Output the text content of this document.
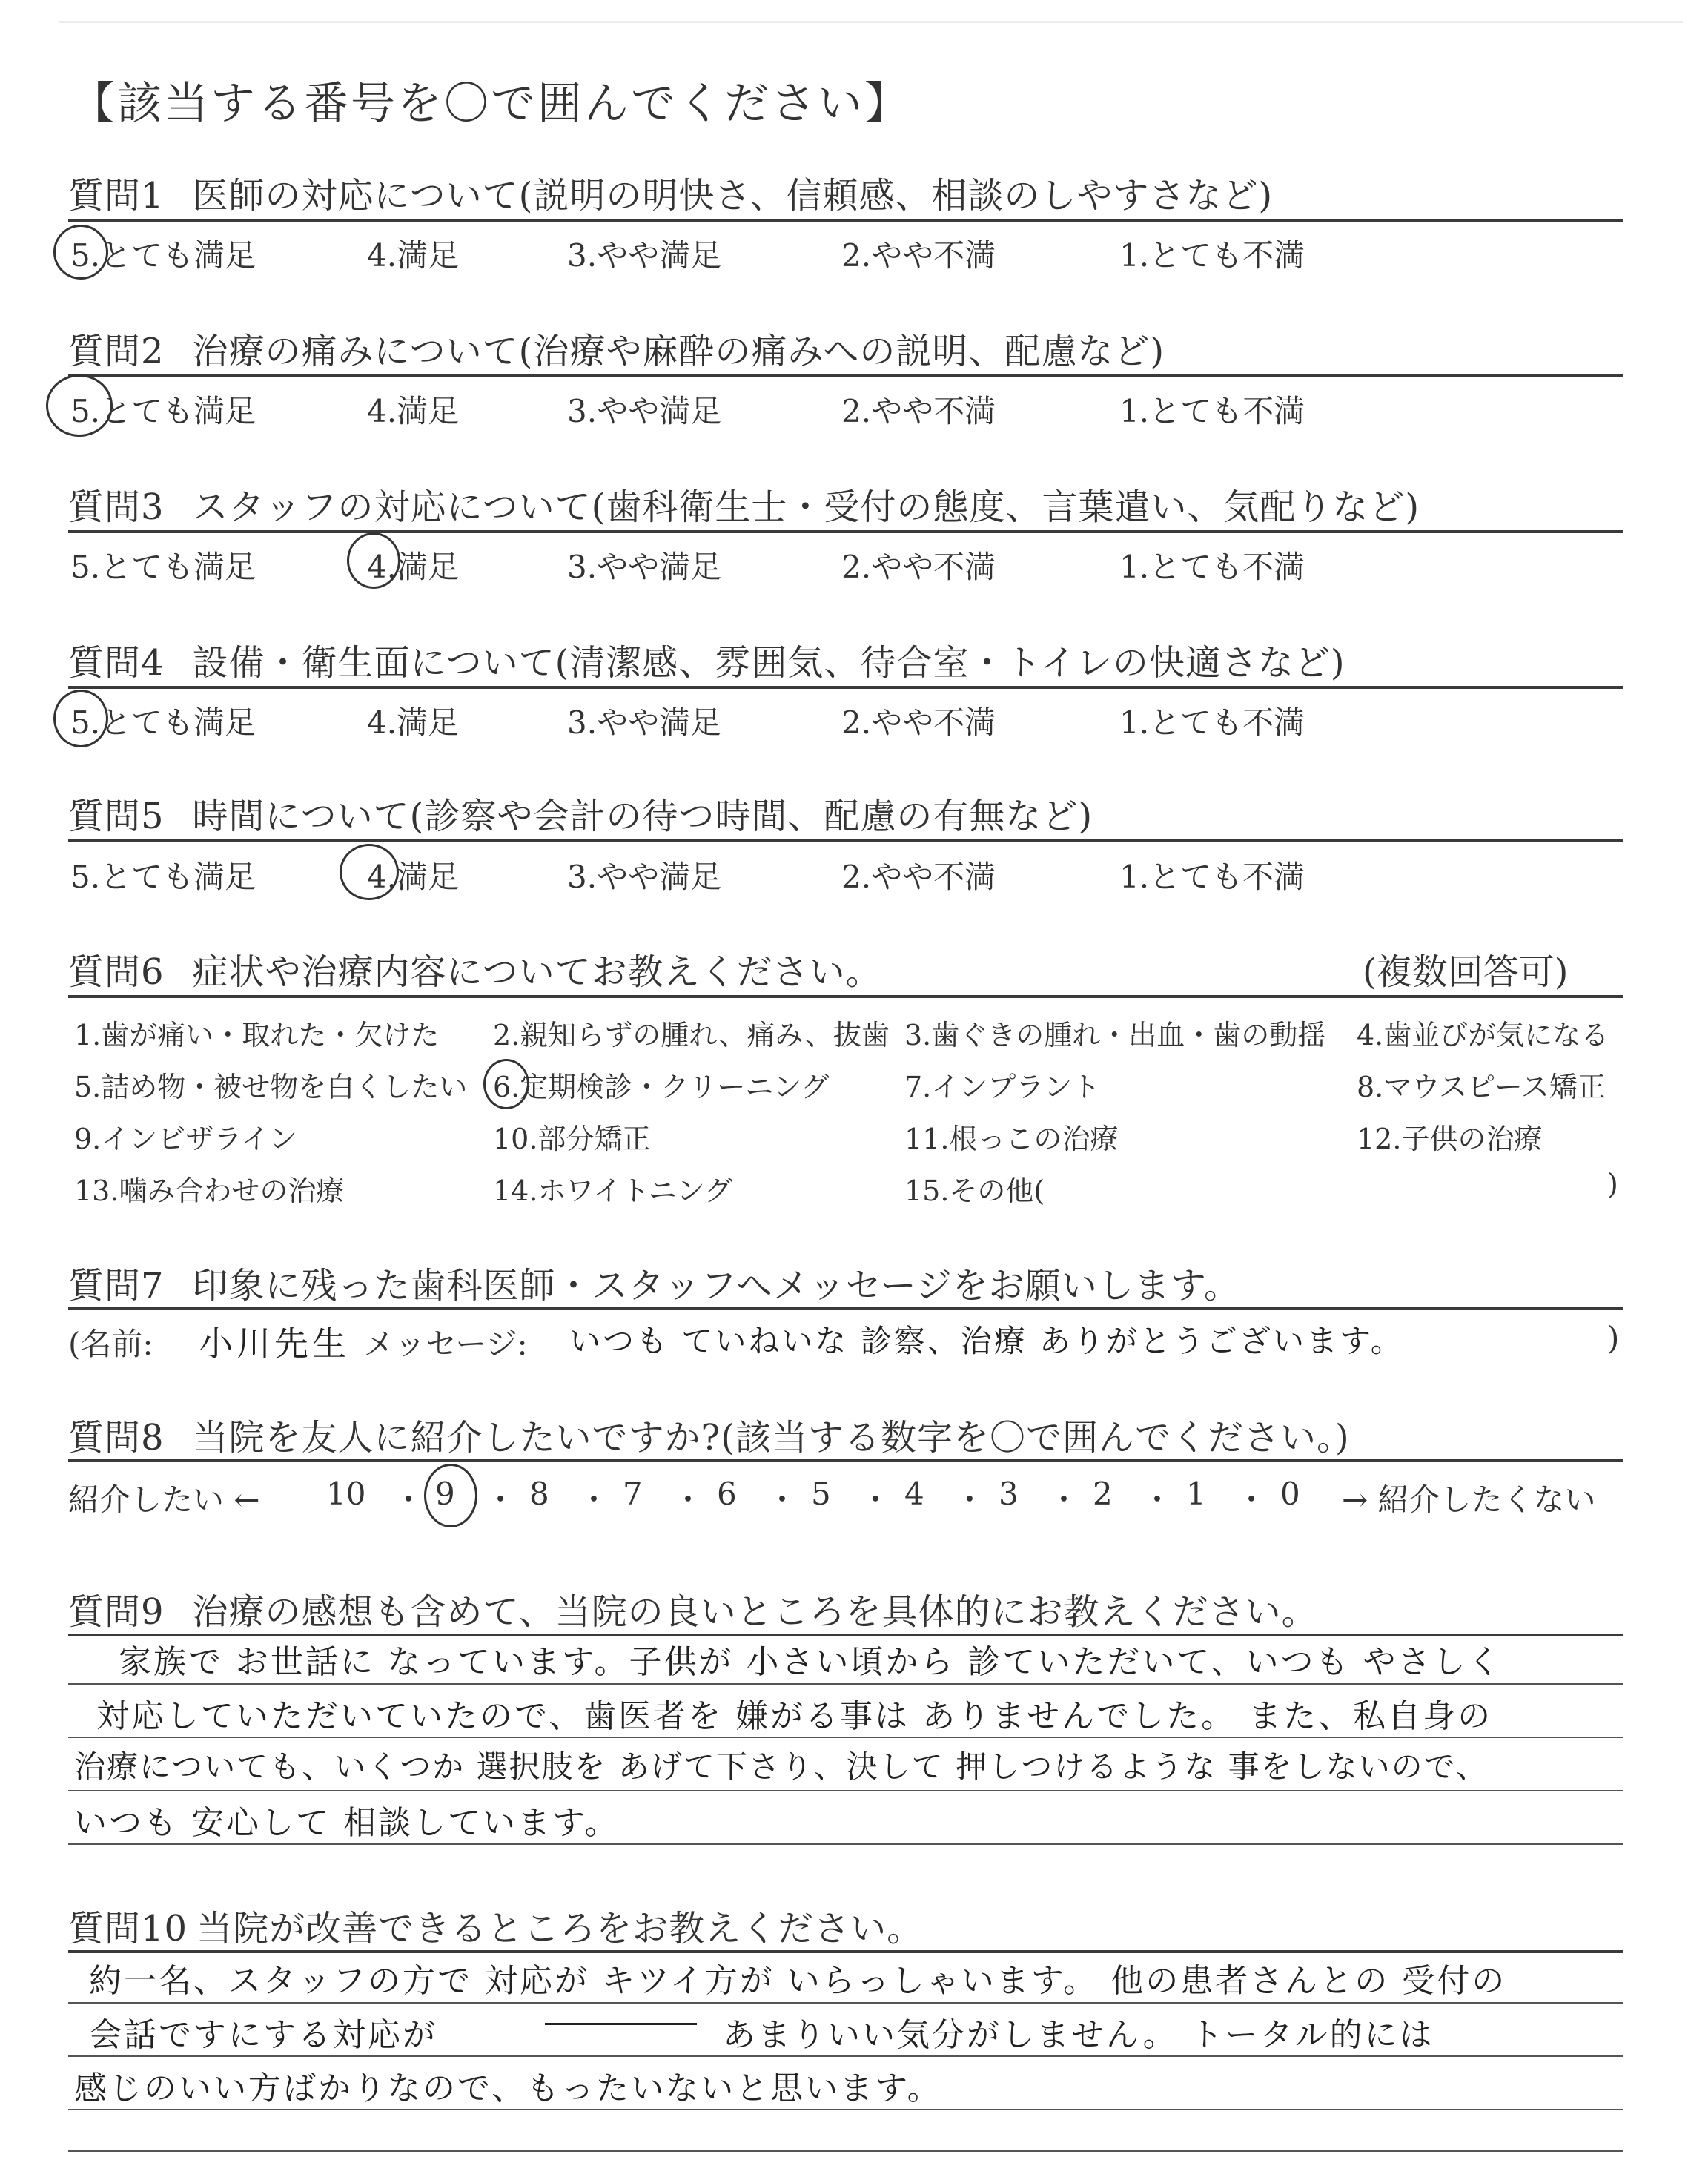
【該当する番号を〇で囲んでください】
質問1 医師の対応について(説明の明快さ、信頼感、相談のしやすさなど)
5.とても満足	4.満足	3.やや満足	2.やや不満	1.とても不満
質問2 治療の痛みについて(治療や麻酔の痛みへの説明、配慮など)
5.とても満足	4.満足	3.やや満足	2.やや不満	1.とても不満
質問3 スタッフの対応について(歯科衛生士・受付の態度、言葉遣い、気配りなど)
5.とても満足	4.満足	3.やや満足	2.やや不満	1.とても不満
質問4 設備・衛生面について(清潔感、雰囲気、待合室・トイレの快適さなど)
5.とても満足	4.満足	3.やや満足	2.やや不満	1.とても不満
質問5 時間について(診察や会計の待つ時間、配慮の有無など)
5.とても満足	4.満足	3.やや満足	2.やや不満	1.とても不満
質問6 症状や治療内容についてお教えください。	(複数回答可)
1.歯が痛い・取れた・欠けた 2.親知らずの腫れ、痛み、抜歯 3.歯ぐきの腫れ・出血・歯の動揺 4.歯並びが気になる
5.詰め物・被せ物を白くしたい 6.定期検診・クリーニング	7.インプラント	8.マウスピース矯正
9.インビザライン	10.部分矯正	11.根っこの治療	12.子供の治療
13.噛み合わせの治療	14.ホワイトニング	15.その他(	)
質問7 印象に残った歯科医師・スタッフへメッセージをお願いします。
(名前: 小川先生 メッセージ: いつも ていねいな 診察、治療 ありがとうございます。	)
質問8 当院を友人に紹介したいですか?(該当する数字を〇で囲んでください。)
紹介したい ← 10 ・ 9 ・ 8 ・ 7 ・ 6 ・ 5 ・ 4 ・ 3 ・ 2 ・ 1 ・ 0 → 紹介したくない
質問9 治療の感想も含めて、当院の良いところを具体的にお教えください。
家族で お世話に なっています。子供が 小さい頃から 診ていただいて、いつも やさしく
対応していただいていたので、歯医者を 嫌がる事は ありませんでした。 また、私自身の
治療についても、いくつか 選択肢を あげて下さり、決して 押しつけるような 事をしないので、
いつも 安心して 相談しています。
質問10 当院が改善できるところをお教えください。
約一名、スタッフの方で 対応が キツイ方が いらっしゃいます。 他の患者さんとの 受付の
会話ですにする対応が	あまりいい気分がしません。 トータル的には
感じのいい方ばかりなので、もったいないと思います。
